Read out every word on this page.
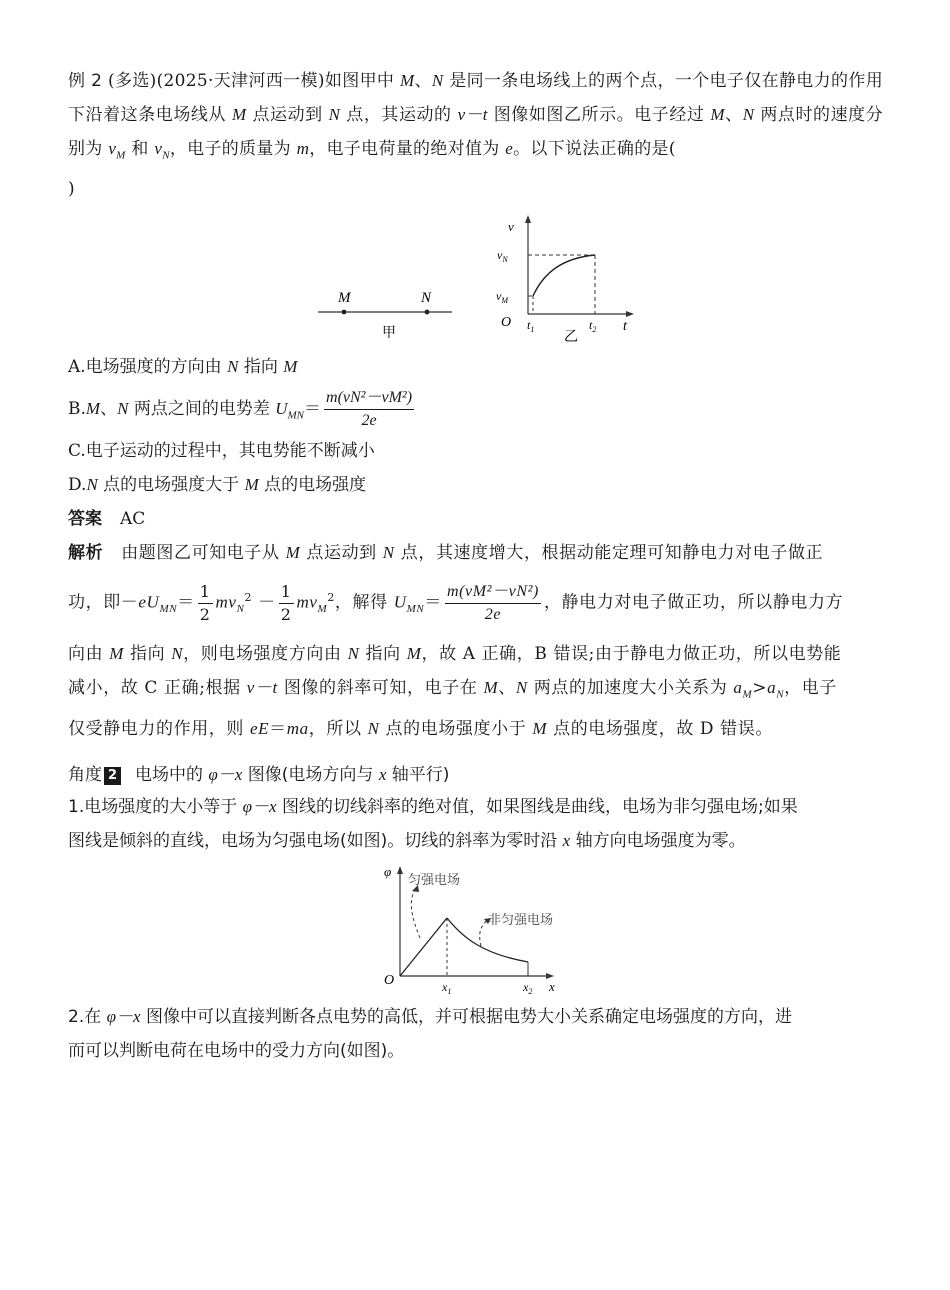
例 2 (多选)(2025·天津河西一模)如图甲中 M、N 是同一条电场线上的两个点，一个电子仅在静电力的作用下沿着这条电场线从 M 点运动到 N 点，其运动的 v－t 图像如图乙所示。电子经过 M、N 两点时的速度分别为 $v_M$ 和 $v_N$，电子的质量为 m，电子电荷量的绝对值为 e。以下说法正确的是(
)

M	N
甲
v
t
O
$v_N$
$v_M$
$t_1$	$t_2$
乙

A.电场强度的方向由 N 指向 M

B.M、N 两点之间的电势差 $U_{MN}= \frac{\text{m(vN²－vM²)}}{2e}$

C.电子运动的过程中，其电势能不断减小

D.N 点的电场强度大于 M 点的电场强度

答案 AC

解析 由题图乙可知电子从 M 点运动到 N 点，其速度增大，根据动能定理可知静电力对电子做正

功，即$-eU_{MN}= \frac{1}{2} mv_N^2 - \frac{1}{2} mv_M^2$，解得 $U_{MN}= \frac{\text{m(vM²－vN²)}}{2e}$ ，静电力对电子做正功，所以静电力方

向由 M 指向 N，则电场强度方向由 N 指向 M，故 A 正确，B 错误;由于静电力做正功，所以电势能

减小，故 C 正确;根据 v－t 图像的斜率可知，电子在 M、N 两点的加速度大小关系为 $a_M>a_N$，电子

仅受静电力的作用，则 eE＝ma，所以 N 点的电场强度小于 M 点的电场强度，故 D 错误。

角度 2 电场中的 φ－x 图像(电场方向与 x 轴平行)

1.电场强度的大小等于 φ－x 图线的切线斜率的绝对值，如果图线是曲线，电场为非匀强电场;如果
图线是倾斜的直线，电场为匀强电场(如图)。切线的斜率为零时沿 x 轴方向电场强度为零。

φ
x
O
匀强电场
非匀强电场
$x_1$	$x_2$

2.在 φ－x 图像中可以直接判断各点电势的高低，并可根据电势大小关系确定电场强度的方向，进
而可以判断电荷在电场中的受力方向(如图)。
